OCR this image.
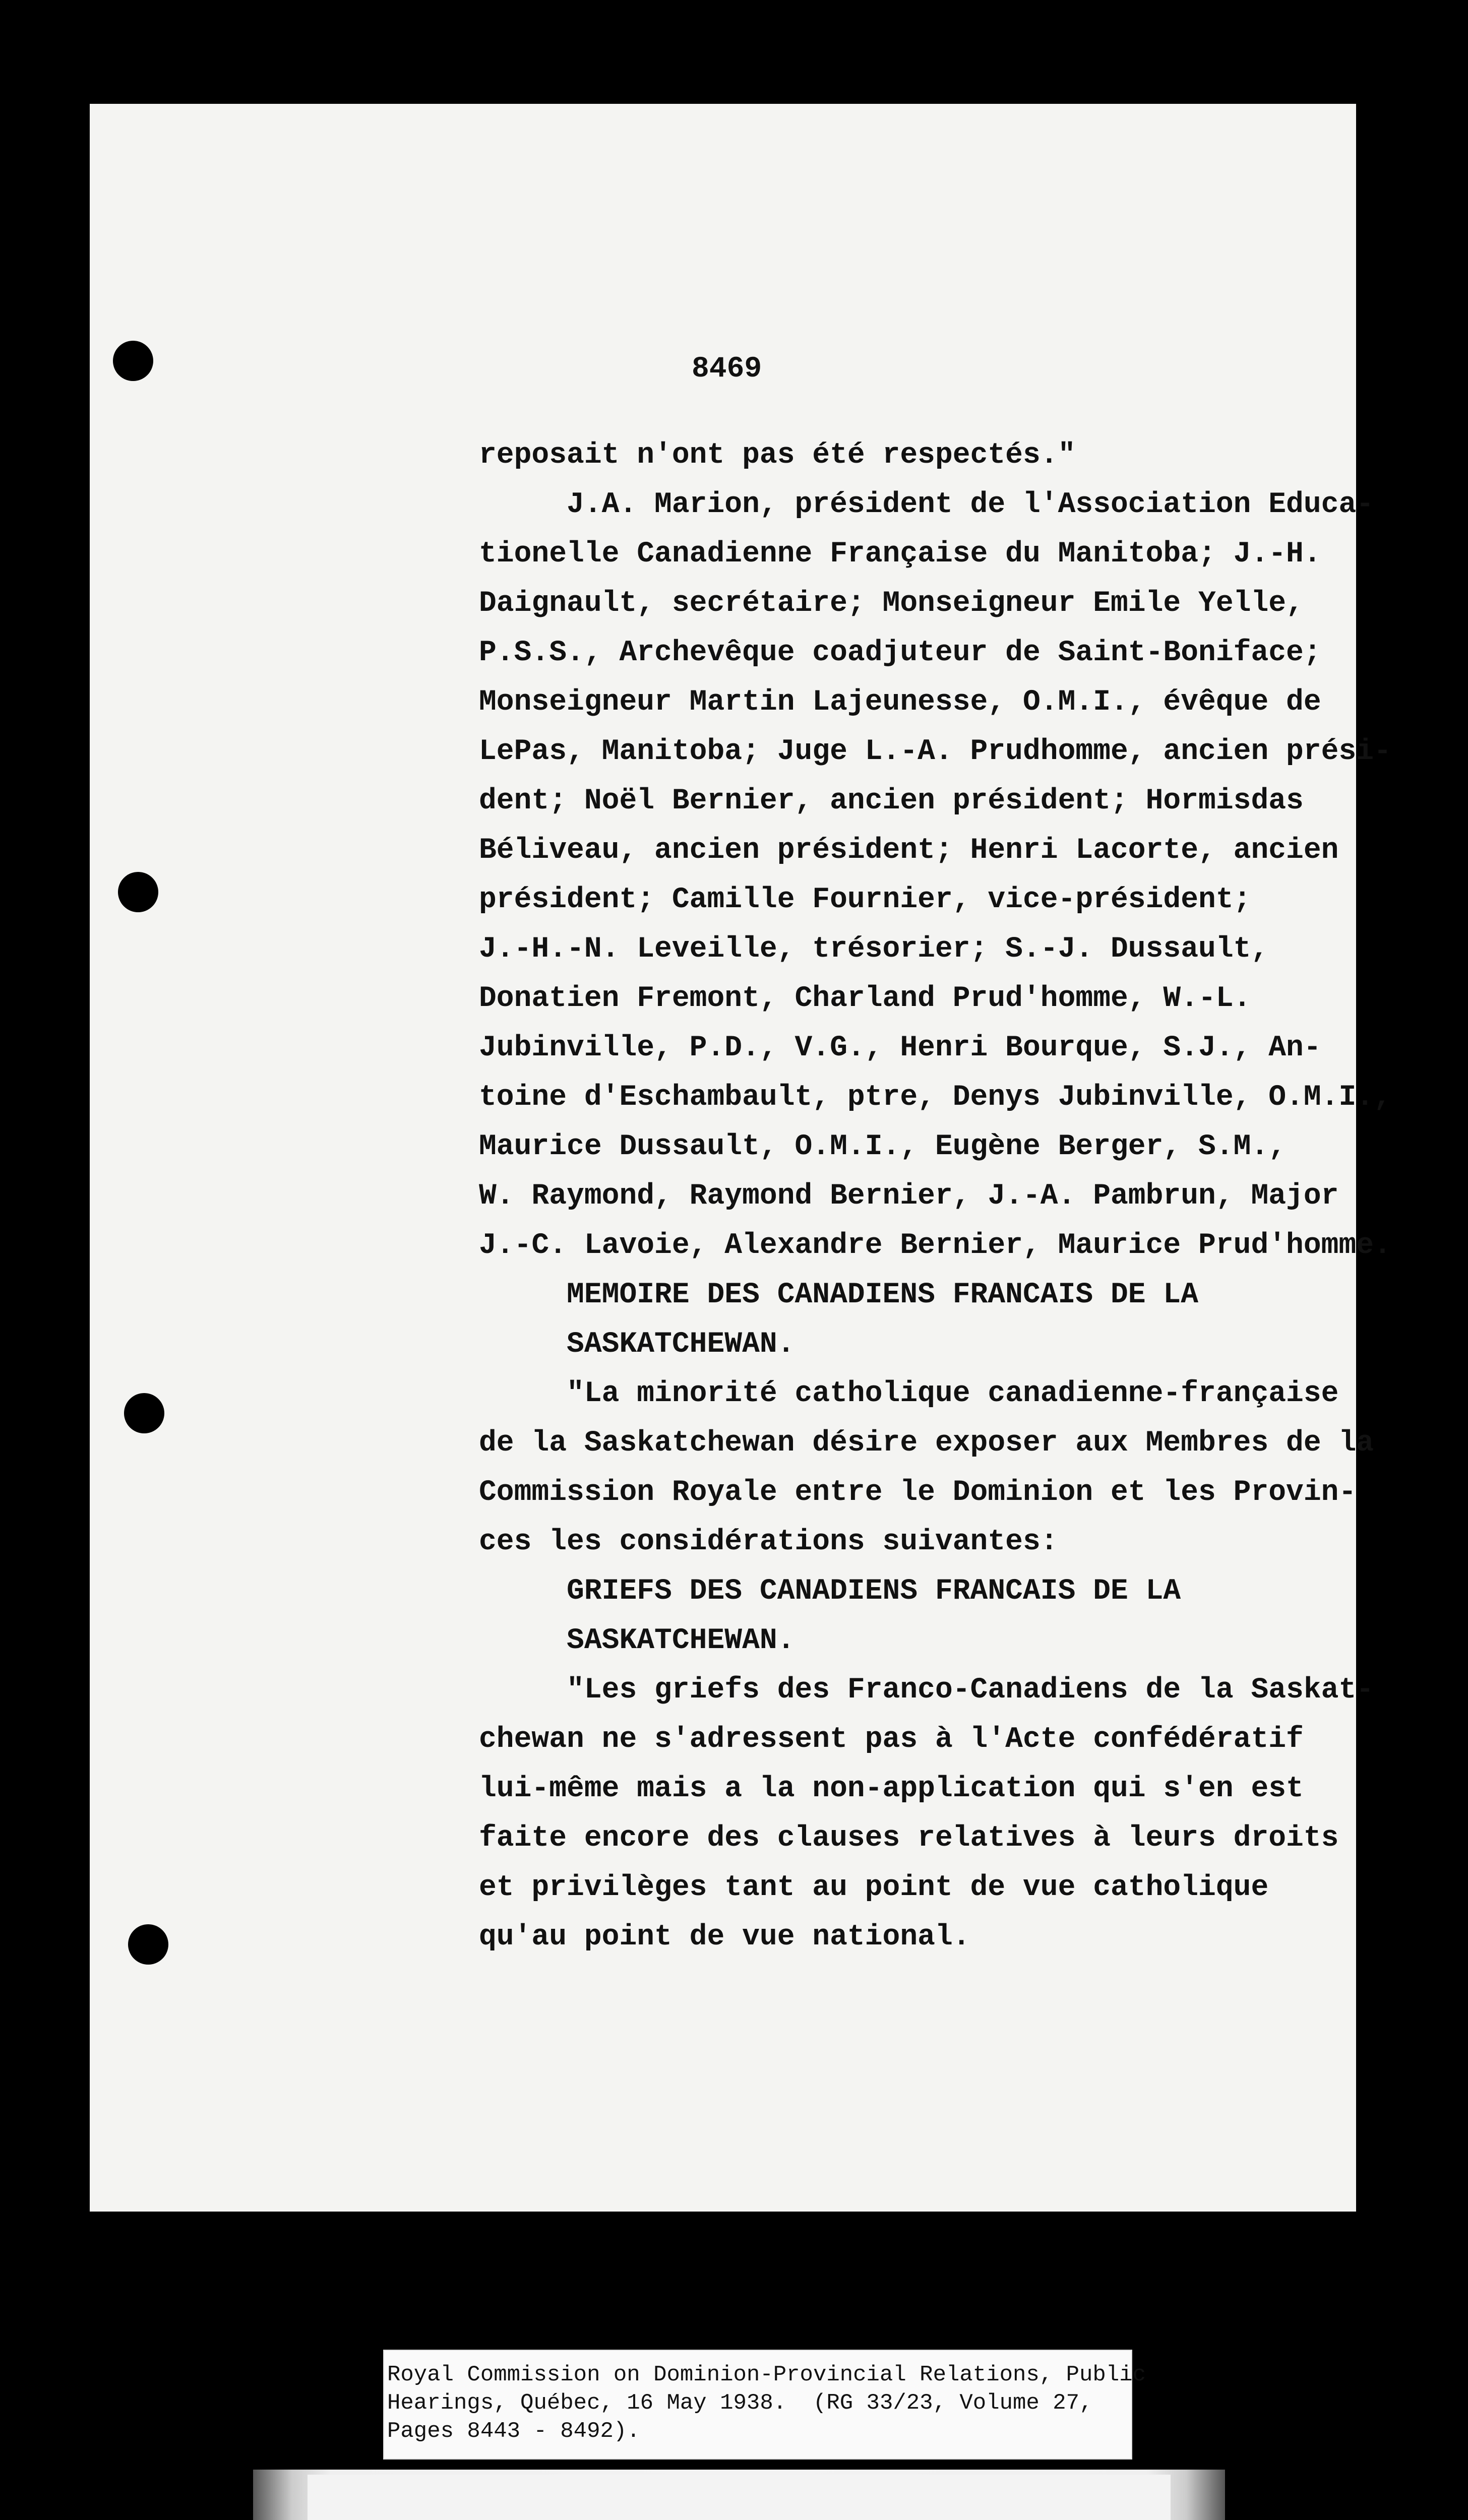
8469
reposait n'ont pas été respectés."
J.A. Marion, président de l'Association Educa-
tionelle Canadienne Française du Manitoba; J.-H.
Daignault, secrétaire; Monseigneur Emile Yelle,
P.S.S., Archevêque coadjuteur de Saint-Boniface;
Monseigneur Martin Lajeunesse, O.M.I., évêque de
LePas, Manitoba; Juge L.-A. Prudhomme, ancien prési-
dent; Noël Bernier, ancien président; Hormisdas
Béliveau, ancien président; Henri Lacorte, ancien
président; Camille Fournier, vice-président;
J.-H.-N. Leveille, trésorier; S.-J. Dussault,
Donatien Fremont, Charland Prud'homme, W.-L.
Jubinville, P.D., V.G., Henri Bourque, S.J., An-
toine d'Eschambault, ptre, Denys Jubinville, O.M.I.,
Maurice Dussault, O.M.I., Eugène Berger, S.M.,
W. Raymond, Raymond Bernier, J.-A. Pambrun, Major
J.-C. Lavoie, Alexandre Bernier, Maurice Prud'homme.
MEMOIRE DES CANADIENS FRANCAIS DE LA
SASKATCHEWAN.
"La minorité catholique canadienne-française
de la Saskatchewan désire exposer aux Membres de la
Commission Royale entre le Dominion et les Provin-
ces les considérations suivantes:
GRIEFS DES CANADIENS FRANCAIS DE LA
SASKATCHEWAN.
"Les griefs des Franco-Canadiens de la Saskat-
chewan ne s'adressent pas à l'Acte confédératif
lui-même mais a la non-application qui s'en est
faite encore des clauses relatives à leurs droits
et privilèges tant au point de vue catholique
qu'au point de vue national.
Royal Commission on Dominion-Provincial Relations, Public
Hearings, Québec, 16 May 1938.  (RG 33/23, Volume 27,
Pages 8443 - 8492).
